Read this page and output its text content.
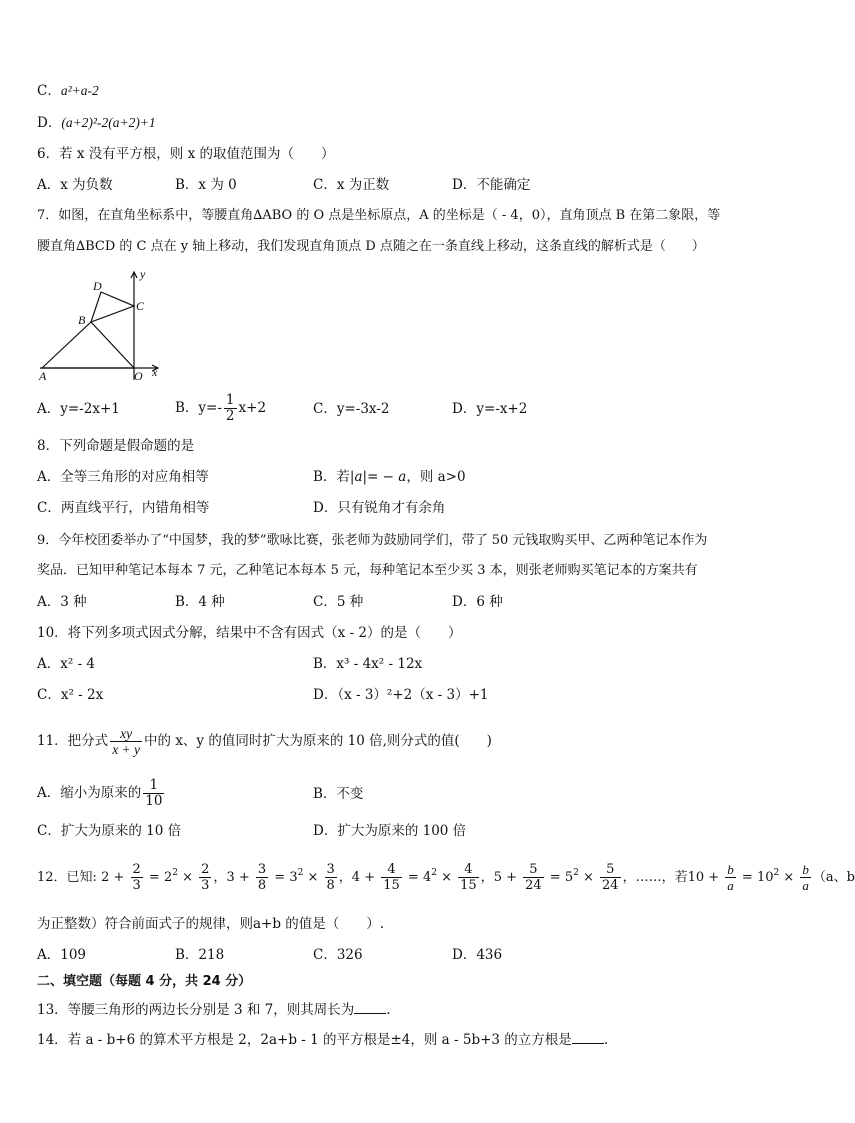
C．a²+a-2
D．(a+2)²-2(a+2)+1
6．若 x 没有平方根，则 x 的取值范围为（　　）
A．x 为负数	B．x 为 0	C．x 为正数	D．不能确定
7．如图，在直角坐标系中，等腰直角∆ABO 的 O 点是坐标原点，A 的坐标是（ - 4，0），直角顶点 B 在第二象限，等
腰直角∆BCD 的 C 点在 y 轴上移动，我们发现直角顶点 D 点随之在一条直线上移动，这条直线的解析式是（　　）
D
C
B
A	O x
y
A．y=-2x+1	B．$y=- \frac{1}{2} x+2$	C．y=-3x-2	D．y=-x+2
8．下列命题是假命题的是
A．全等三角形的对应角相等	B．若|𝑎|= − 𝑎，则 a>0
C．两直线平行，内错角相等	D．只有锐角才有余角
9．今年校团委举办了“中国梦，我的梦”歌咏比赛，张老师为鼓励同学们，带了 50 元钱取购买甲、乙两种笔记本作为
奖品．已知甲种笔记本每本 7 元，乙种笔记本每本 5 元，每种笔记本至少买 3 本，则张老师购买笔记本的方案共有
A．3 种	B．4 种	C．5 种	D．6 种
10．将下列多项式因式分解，结果中不含有因式（x - 2）的是（　　）
A．x² - 4	B．x³ - 4x² - 12x
C．x² - 2x	D．（x - 3）²+2（x - 3）+1
11．把分式 $\frac{xy}{x + y}$ 中的 x、y 的值同时扩大为原来的 10 倍,则分式的值(　　)
A．缩小为原来的 $\frac{1}{10}$	B．不变
C．扩大为原来的 10 倍	D．扩大为原来的 100 倍
12．已知: $2 + \frac{2}{3} = 2^2 \times \frac{2}{3}$ ，$3 + \frac{3}{8} = 3^2 \times \frac{3}{8}$ ，$4 + \frac{4}{15} = 4^2 \times \frac{4}{15}$ ，$5 + \frac{5}{24} = 5^2 \times \frac{5}{24}$ ，……，若$10 + \frac{b}{a} = 10^2 \times \frac{b}{a} (a$、b
为正整数）符合前面式子的规律，则a+b 的值是（　　）.
A．109	B．218	C．326	D．436
二、填空题（每题 4 分，共 24 分）
13．等腰三角形的两边长分别是 3 和 7，则其周长为 .
14．若 a - b+6 的算术平方根是 2，2a+b - 1 的平方根是±4，则 a - 5b+3 的立方根是 .
